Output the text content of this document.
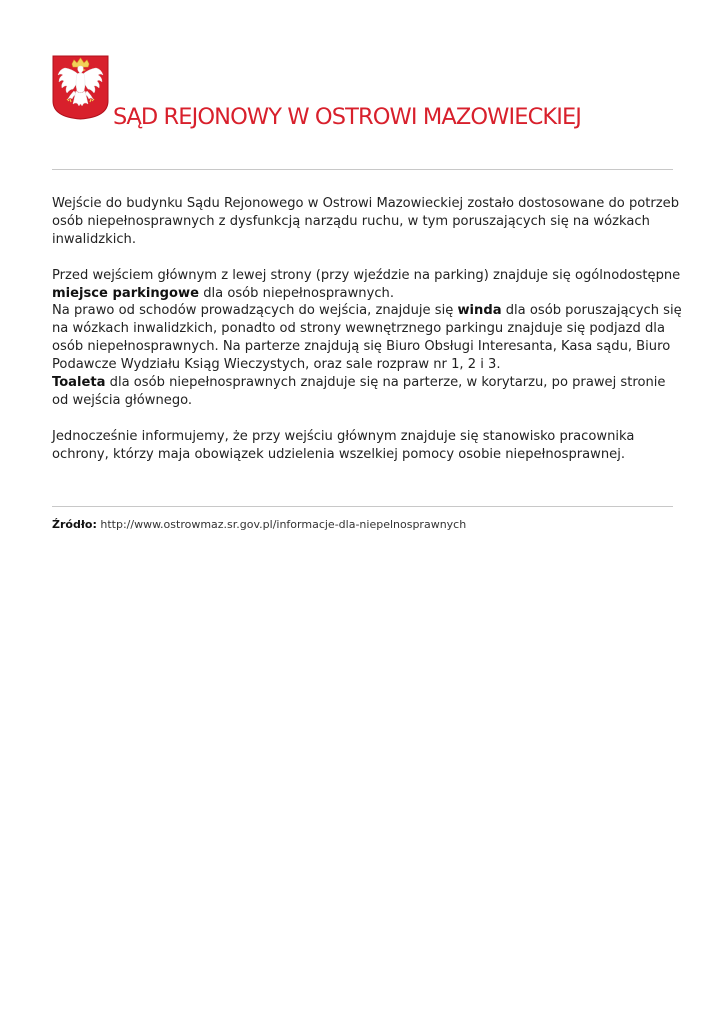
SĄD REJONOWY W OSTROWI MAZOWIECKIEJ

Wejście do budynku Sądu Rejonowego w Ostrowi Mazowieckiej zostało dostosowane do potrzeb osób niepełnosprawnych z dysfunkcją narządu ruchu, w tym poruszających się na wózkach inwalidzkich.

Przed wejściem głównym z lewej strony (przy wjeździe na parking) znajduje się ogólnodostępne miejsce parkingowe dla osób niepełnosprawnych.
Na prawo od schodów prowadzących do wejścia, znajduje się winda dla osób poruszających się na wózkach inwalidzkich, ponadto od strony wewnętrznego parkingu znajduje się podjazd dla osób niepełnosprawnych. Na parterze znajdują się Biuro Obsługi Interesanta, Kasa sądu, Biuro Podawcze Wydziału Ksiąg Wieczystych, oraz sale rozpraw nr 1, 2 i 3.
Toaleta dla osób niepełnosprawnych znajduje się na parterze, w korytarzu, po prawej stronie od wejścia głównego.

Jednocześnie informujemy, że przy wejściu głównym znajduje się stanowisko pracownika ochrony, którzy maja obowiązek udzielenia wszelkiej pomocy osobie niepełnosprawnej.

Źródło: http://www.ostrowmaz.sr.gov.pl/informacje-dla-niepelnosprawnych
